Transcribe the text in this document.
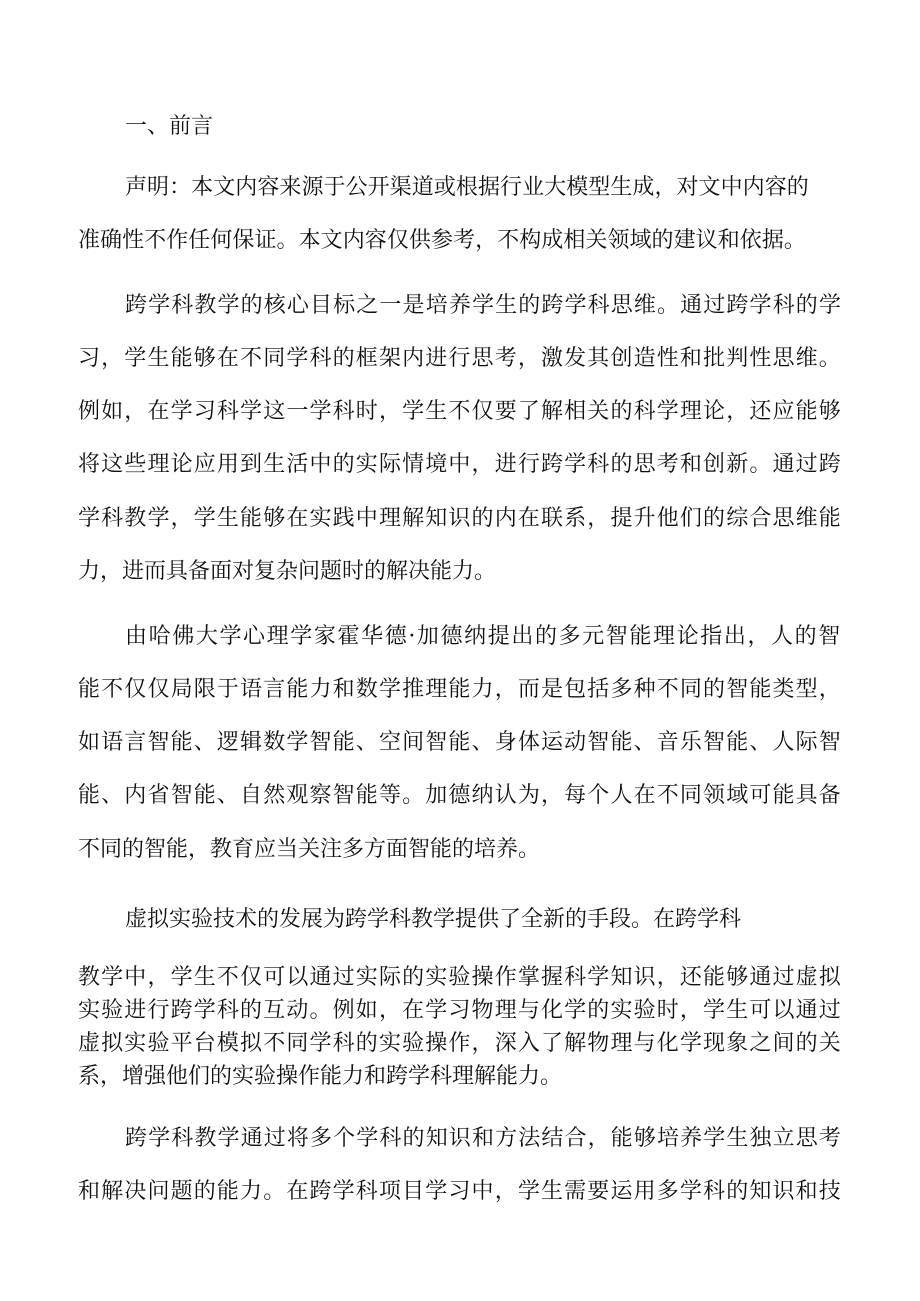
一、前言
声明：本文内容来源于公开渠道或根据行业大模型生成，对文中内容的
准确性不作任何保证。本文内容仅供参考，不构成相关领域的建议和依据。
跨学科教学的核心目标之一是培养学生的跨学科思维。通过跨学科的学
习，学生能够在不同学科的框架内进行思考，激发其创造性和批判性思维。
例如，在学习科学这一学科时，学生不仅要了解相关的科学理论，还应能够
将这些理论应用到生活中的实际情境中，进行跨学科的思考和创新。通过跨
学科教学，学生能够在实践中理解知识的内在联系，提升他们的综合思维能
力，进而具备面对复杂问题时的解决能力。
由哈佛大学心理学家霍华德·加德纳提出的多元智能理论指出，人的智
能不仅仅局限于语言能力和数学推理能力，而是包括多种不同的智能类型，
如语言智能、逻辑数学智能、空间智能、身体运动智能、音乐智能、人际智
能、内省智能、自然观察智能等。加德纳认为，每个人在不同领域可能具备
不同的智能，教育应当关注多方面智能的培养。
虚拟实验技术的发展为跨学科教学提供了全新的手段。在跨学科
教学中，学生不仅可以通过实际的实验操作掌握科学知识，还能够通过虚拟
实验进行跨学科的互动。例如，在学习物理与化学的实验时，学生可以通过
虚拟实验平台模拟不同学科的实验操作，深入了解物理与化学现象之间的关
系，增强他们的实验操作能力和跨学科理解能力。
跨学科教学通过将多个学科的知识和方法结合，能够培养学生独立思考
和解决问题的能力。在跨学科项目学习中，学生需要运用多学科的知识和技
